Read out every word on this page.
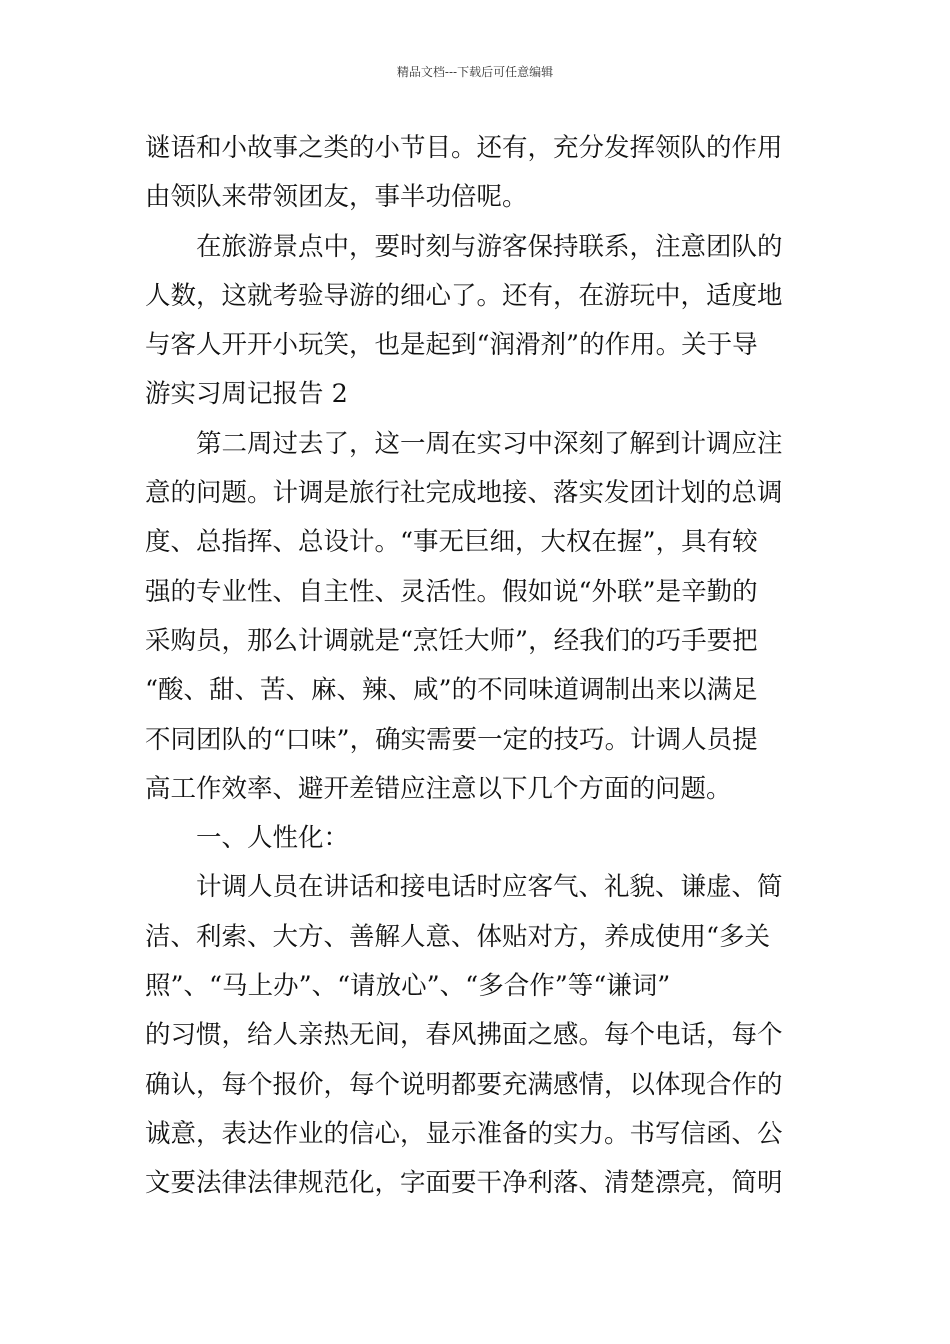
精品文档---下载后可任意编辑
谜语和小故事之类的小节目。还有，充分发挥领队的作用
由领队来带领团友，事半功倍呢。
　　在旅游景点中，要时刻与游客保持联系，注意团队的
人数，这就考验导游的细心了。还有，在游玩中，适度地
与客人开开小玩笑，也是起到“润滑剂”的作用。关于导
游实习周记报告 2
　　第二周过去了，这一周在实习中深刻了解到计调应注
意的问题。计调是旅行社完成地接、落实发团计划的总调
度、总指挥、总设计。“事无巨细，大权在握”，具有较
强的专业性、自主性、灵活性。假如说“外联”是辛勤的
采购员，那么计调就是“烹饪大师”，经我们的巧手要把
“酸、甜、苦、麻、辣、咸”的不同味道调制出来以满足
不同团队的“口味”，确实需要一定的技巧。计调人员提
高工作效率、避开差错应注意以下几个方面的问题。
　　一、人性化：
　　计调人员在讲话和接电话时应客气、礼貌、谦虚、简
洁、利索、大方、善解人意、体贴对方，养成使用“多关
照”、“马上办”、“请放心”、“多合作”等“谦词”
的习惯，给人亲热无间，春风拂面之感。每个电话，每个
确认，每个报价，每个说明都要充满感情，以体现合作的
诚意，表达作业的信心，显示准备的实力。书写信函、公
文要法律法律规范化，字面要干净利落、清楚漂亮，简明
